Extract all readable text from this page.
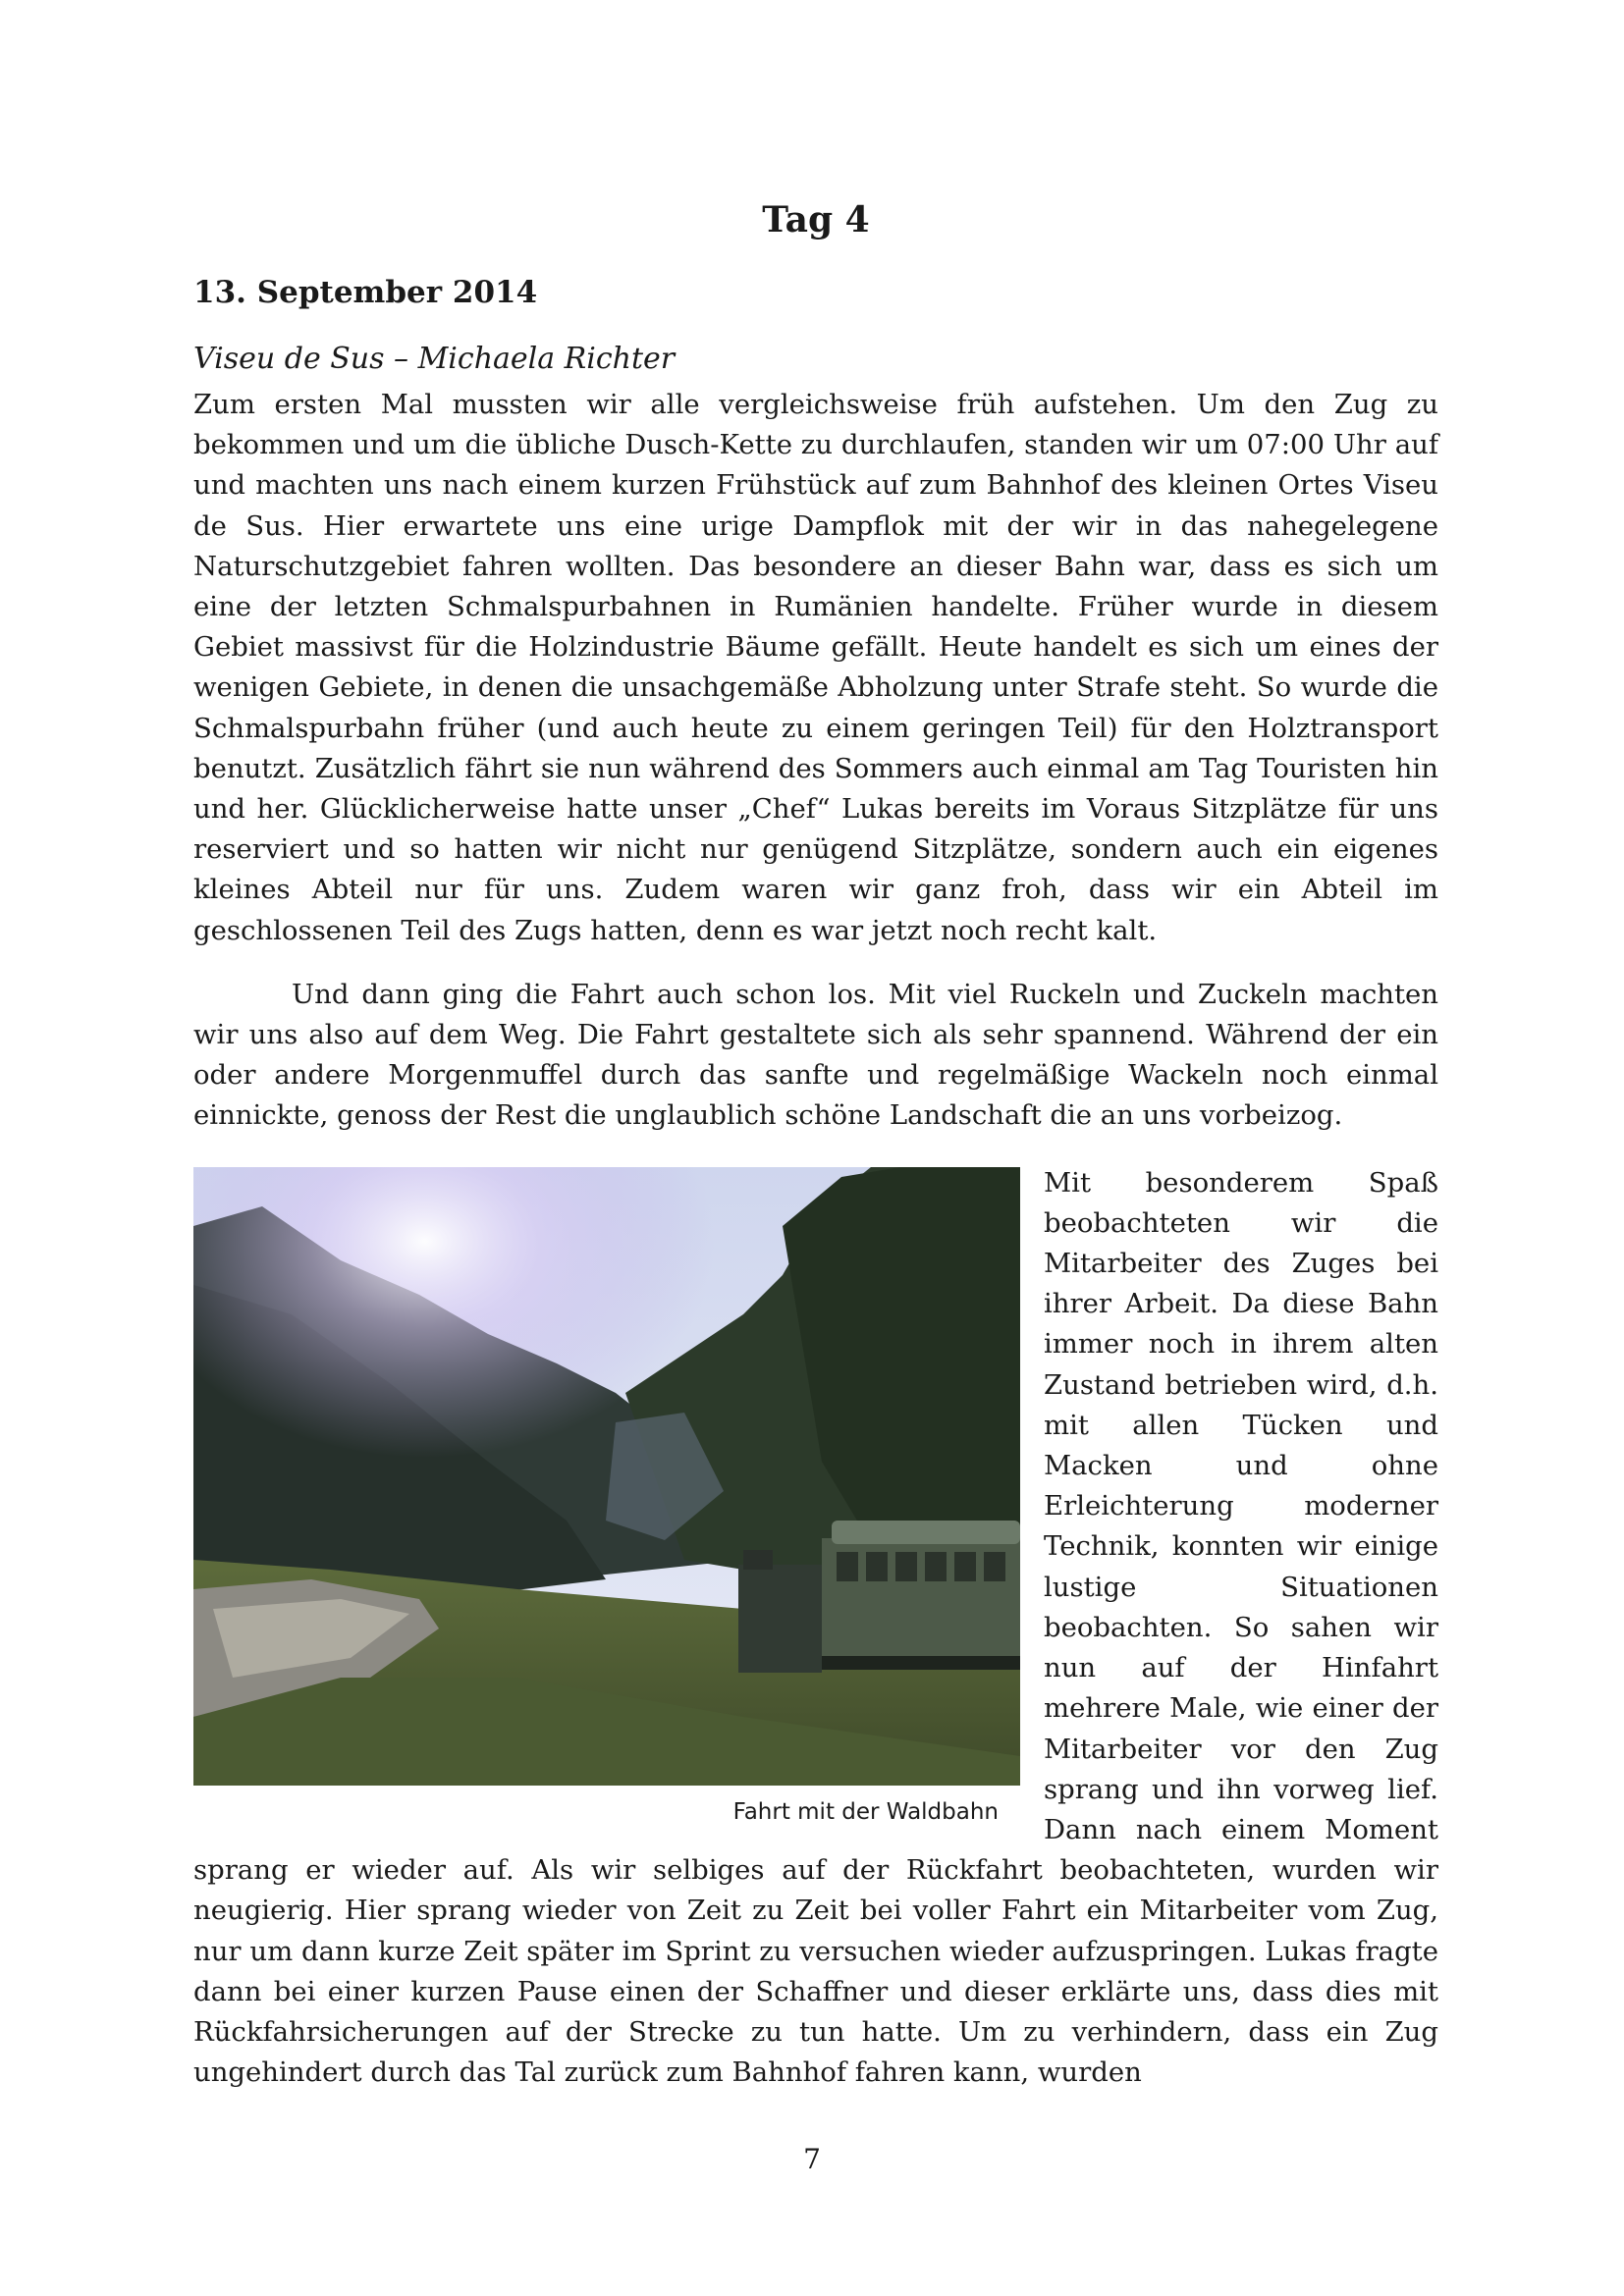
Tag 4
13. September 2014
Viseu de Sus – Michaela Richter

Zum ersten Mal mussten wir alle vergleichsweise früh aufstehen. Um den Zug zu bekommen und um die übliche Dusch-Kette zu durchlaufen, standen wir um 07:00 Uhr auf und machten uns nach einem kurzen Frühstück auf zum Bahnhof des kleinen Ortes Viseu de Sus. Hier erwartete uns eine urige Dampflok mit der wir in das nahegelegene Naturschutzgebiet fahren wollten. Das besondere an dieser Bahn war, dass es sich um eine der letzten Schmalspurbahnen in Rumänien handelte. Früher wurde in diesem Gebiet massivst für die Holzindustrie Bäume gefällt. Heute handelt es sich um eines der wenigen Gebiete, in denen die unsachgemäße Abholzung unter Strafe steht. So wurde die Schmalspurbahn früher (und auch heute zu einem geringen Teil) für den Holztransport benutzt. Zusätzlich fährt sie nun während des Sommers auch einmal am Tag Touristen hin und her. Glücklicherweise hatte unser „Chef“ Lukas bereits im Voraus Sitzplätze für uns reserviert und so hatten wir nicht nur genügend Sitzplätze, sondern auch ein eigenes kleines Abteil nur für uns. Zudem waren wir ganz froh, dass wir ein Abteil im geschlossenen Teil des Zugs hatten, denn es war jetzt noch recht kalt.

Und dann ging die Fahrt auch schon los. Mit viel Ruckeln und Zuckeln machten wir uns also auf dem Weg. Die Fahrt gestaltete sich als sehr spannend. Während der ein oder andere Morgenmuffel durch das sanfte und regelmäßige Wackeln noch einmal einnickte, genoss der Rest die unglaublich schöne Landschaft die an uns vorbeizog.

Fahrt mit der Waldbahn

Mit besonderem Spaß beobachteten wir die Mitarbeiter des Zuges bei ihrer Arbeit. Da diese Bahn immer noch in ihrem alten Zustand betrieben wird, d.h. mit allen Tücken und Macken und ohne Erleichterung moderner Technik, konnten wir einige lustige Situationen beobachten. So sahen wir nun auf der Hinfahrt mehrere Male, wie einer der Mitarbeiter vor den Zug sprang und ihn vorweg lief. Dann nach einem Moment sprang er wieder auf. Als wir selbiges auf der Rückfahrt beobachteten, wurden wir neugierig. Hier sprang wieder von Zeit zu Zeit bei voller Fahrt ein Mitarbeiter vom Zug, nur um dann kurze Zeit später im Sprint zu versuchen wieder aufzuspringen. Lukas fragte dann bei einer kurzen Pause einen der Schaffner und dieser erklärte uns, dass dies mit Rückfahrsicherungen auf der Strecke zu tun hatte. Um zu verhindern, dass ein Zug ungehindert durch das Tal zurück zum Bahnhof fahren kann, wurden

7
